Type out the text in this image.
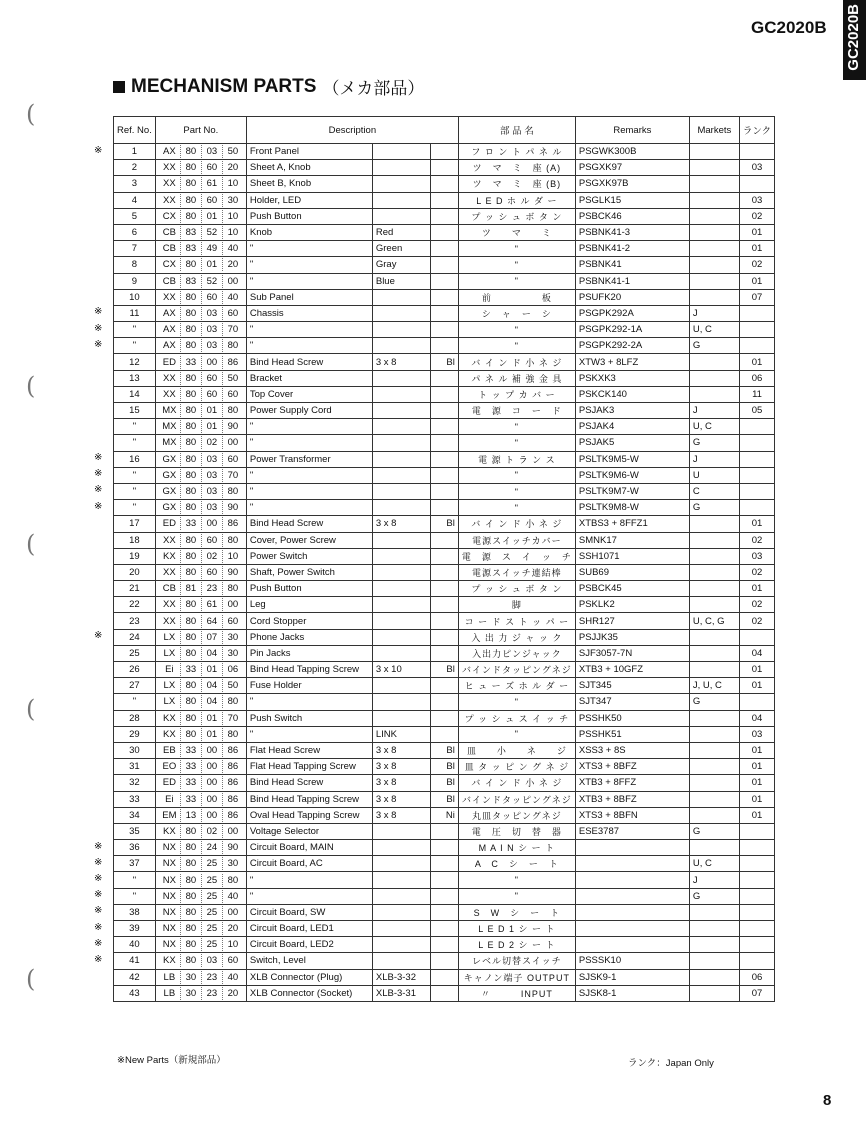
GC2020B
GC2020B
MECHANISM PARTS （メカ部品）
(
(
(
(
(
Ref. No.	Part No.	Description			部 品 名	Remarks	Markets	ランク
1	AX 80 03 50	Front Panel			フ ロ ン ト パ ネ ル	PSGWK300B		
2	XX 80 60 20	Sheet A, Knob			ツ　マ　ミ　座 (A)	PSGXK97		03
3	XX 80 61 10	Sheet B, Knob			ツ　マ　ミ　座 (B)	PSGXK97B		
4	XX 80 60 30	Holder, LED			L E D ホ ル ダ ー	PSGLK15		03
5	CX 80 01 10	Push Button			プ ッ シ ュ ボ タ ン	PSBCK46		02
6	CB 83 52 10	Knob	Red		ツ　　マ　　ミ	PSBNK41-3		01
7	CB 83 49 40	"	Green		"	PSBNK41-2		01
8	CX 80 01 20	"	Gray		"	PSBNK41		02
9	CB 83 52 00	"	Blue		"	PSBNK41-1		01
10	XX 80 60 40	Sub Panel			前　　　　　板	PSUFK20		07
11	AX 80 03 60	Chassis			シ　ャ　ー　シ	PSGPK292A	J	
"	AX 80 03 70	"			"	PSGPK292-1A	U, C	
"	AX 80 03 80	"			"	PSGPK292-2A	G	
12	ED 33 00 86	Bind Head Screw	3 x 8	Bl	バ イ ン ド 小 ネ ジ	XTW3 + 8LFZ		01
13	XX 80 60 50	Bracket			パ ネ ル 補 強 金 具	PSKXK3		06
14	XX 80 60 60	Top Cover			ト ッ プ カ バ ー	PSKCK140		11
15	MX 80 01 80	Power Supply Cord			電　源　コ　ー　ド	PSJAK3	J	05
"	MX 80 01 90	"			"	PSJAK4	U, C	
"	MX 80 02 00	"			"	PSJAK5	G	
16	GX 80 03 60	Power Transformer			電 源 ト ラ ン ス	PSLTK9M5-W	J	
"	GX 80 03 70	"			"	PSLTK9M6-W	U	
"	GX 80 03 80	"			"	PSLTK9M7-W	C	
"	GX 80 03 90	"			"	PSLTK9M8-W	G	
17	ED 33 00 86	Bind Head Screw	3 x 8	Bl	バ イ ン ド 小 ネ ジ	XTBS3 + 8FFZ1		01
18	XX 80 60 80	Cover, Power Screw			電源スイッチカバー	SMNK17		02
19	KX 80 02 10	Power Switch			電　源　ス　イ　ッ　チ	SSH1071		03
20	XX 80 60 90	Shaft, Power Switch			電源スイッチ連結棒	SUB69		02
21	CB 81 23 80	Push Button			プ ッ シ ュ ボ タ ン	PSBCK45		01
22	XX 80 61 00	Leg			脚	PSKLK2		02
23	XX 80 64 60	Cord Stopper			コ ー ド ス ト ッ パ ー	SHR127	U, C, G	02
24	LX 80 07 30	Phone Jacks			入 出 力 ジ ャ ッ ク	PSJJK35		
25	LX 80 04 30	Pin Jacks			入出力ピンジャック	SJF3057-7N		04
26	Ei 33 01 06	Bind Head Tapping Screw	3 x 10	Bl	バインドタッピングネジ	XTB3 + 10GFZ		01
27	LX 80 04 50	Fuse Holder			ヒ ュ ー ズ ホ ル ダ ー	SJT345	J, U, C	01
"	LX 80 04 80	"			"	SJT347	G	
28	KX 80 01 70	Push Switch			プ ッ シ ュ ス イ ッ チ	PSSHK50		04
29	KX 80 01 80	"	LINK		"	PSSHK51		03
30	EB 33 00 86	Flat Head Screw	3 x 8	Bl	皿　　小　　ネ　　ジ	XSS3 + 8S		01
31	EO 33 00 86	Flat Head Tapping Screw	3 x 8	Bl	皿 タ ッ ピ ン グ ネ ジ	XTS3 + 8BFZ		01
32	ED 33 00 86	Bind Head Screw	3 x 8	Bl	バ イ ン ド 小 ネ ジ	XTB3 + 8FFZ		01
33	Ei 33 00 86	Bind Head Tapping Screw	3 x 8	Bl	バインドタッピングネジ	XTB3 + 8BFZ		01
34	EM 13 00 86	Oval Head Tapping Screw	3 x 8	Ni	丸皿タッピングネジ	XTS3 + 8BFN		01
35	KX 80 02 00	Voltage Selector			電　圧　切　替　器	ESE3787	G	
36	NX 80 24 90	Circuit Board, MAIN			M A I N シ ー ト			
37	NX 80 25 30	Circuit Board, AC			A　C　シ　ー　ト		U, C	
"	NX 80 25 80	"			"		J	
"	NX 80 25 40	"			"		G	
38	NX 80 25 00	Circuit Board, SW			S　W　シ　ー　ト			
39	NX 80 25 20	Circuit Board, LED1			L E D 1 シ ー ト			
40	NX 80 25 10	Circuit Board, LED2			L E D 2 シ ー ト			
41	KX 80 03 60	Switch, Level			レベル切替スイッチ	PSSSK10		
42	LB 30 23 40	XLB Connector (Plug)	XLB-3-32		キャノン端子 OUTPUT	SJSK9-1		06
43	LB 30 23 20	XLB Connector (Socket)	XLB-3-31		〃　　　INPUT	SJSK8-1		07
※
※
※
※
※
※
※
※
※
※
※
※
※
※
※
※
※
※New Parts（新規部品）	ランク：Japan Only
8
